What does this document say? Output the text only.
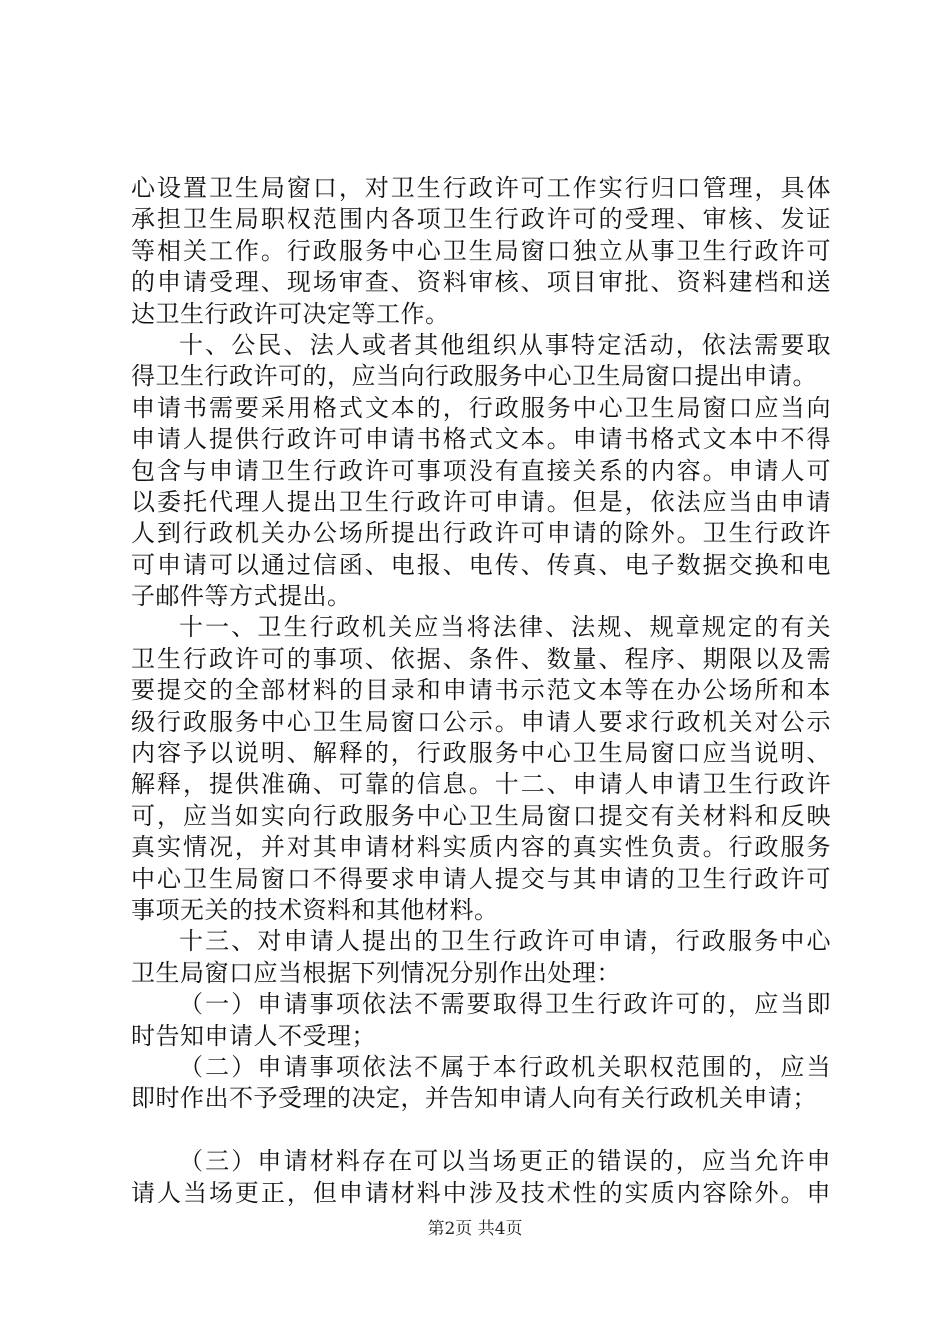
心设置卫生局窗口，对卫生行政许可工作实行归口管理，具体
承担卫生局职权范围内各项卫生行政许可的受理、审核、发证
等相关工作。行政服务中心卫生局窗口独立从事卫生行政许可
的申请受理、现场审查、资料审核、项目审批、资料建档和送
达卫生行政许可决定等工作。
十、公民、法人或者其他组织从事特定活动，依法需要取
得卫生行政许可的，应当向行政服务中心卫生局窗口提出申请。
申请书需要采用格式文本的，行政服务中心卫生局窗口应当向
申请人提供行政许可申请书格式文本。申请书格式文本中不得
包含与申请卫生行政许可事项没有直接关系的内容。申请人可
以委托代理人提出卫生行政许可申请。但是，依法应当由申请
人到行政机关办公场所提出行政许可申请的除外。卫生行政许
可申请可以通过信函、电报、电传、传真、电子数据交换和电
子邮件等方式提出。
十一、卫生行政机关应当将法律、法规、规章规定的有关
卫生行政许可的事项、依据、条件、数量、程序、期限以及需
要提交的全部材料的目录和申请书示范文本等在办公场所和本
级行政服务中心卫生局窗口公示。申请人要求行政机关对公示
内容予以说明、解释的，行政服务中心卫生局窗口应当说明、
解释，提供准确、可靠的信息。十二、申请人申请卫生行政许
可，应当如实向行政服务中心卫生局窗口提交有关材料和反映
真实情况，并对其申请材料实质内容的真实性负责。行政服务
中心卫生局窗口不得要求申请人提交与其申请的卫生行政许可
事项无关的技术资料和其他材料。
十三、对申请人提出的卫生行政许可申请，行政服务中心
卫生局窗口应当根据下列情况分别作出处理：
（一）申请事项依法不需要取得卫生行政许可的，应当即
时告知申请人不受理；
（二）申请事项依法不属于本行政机关职权范围的，应当
即时作出不予受理的决定，并告知申请人向有关行政机关申请；
（三）申请材料存在可以当场更正的错误的，应当允许申
请人当场更正，但申请材料中涉及技术性的实质内容除外。申
第2页 共4页
